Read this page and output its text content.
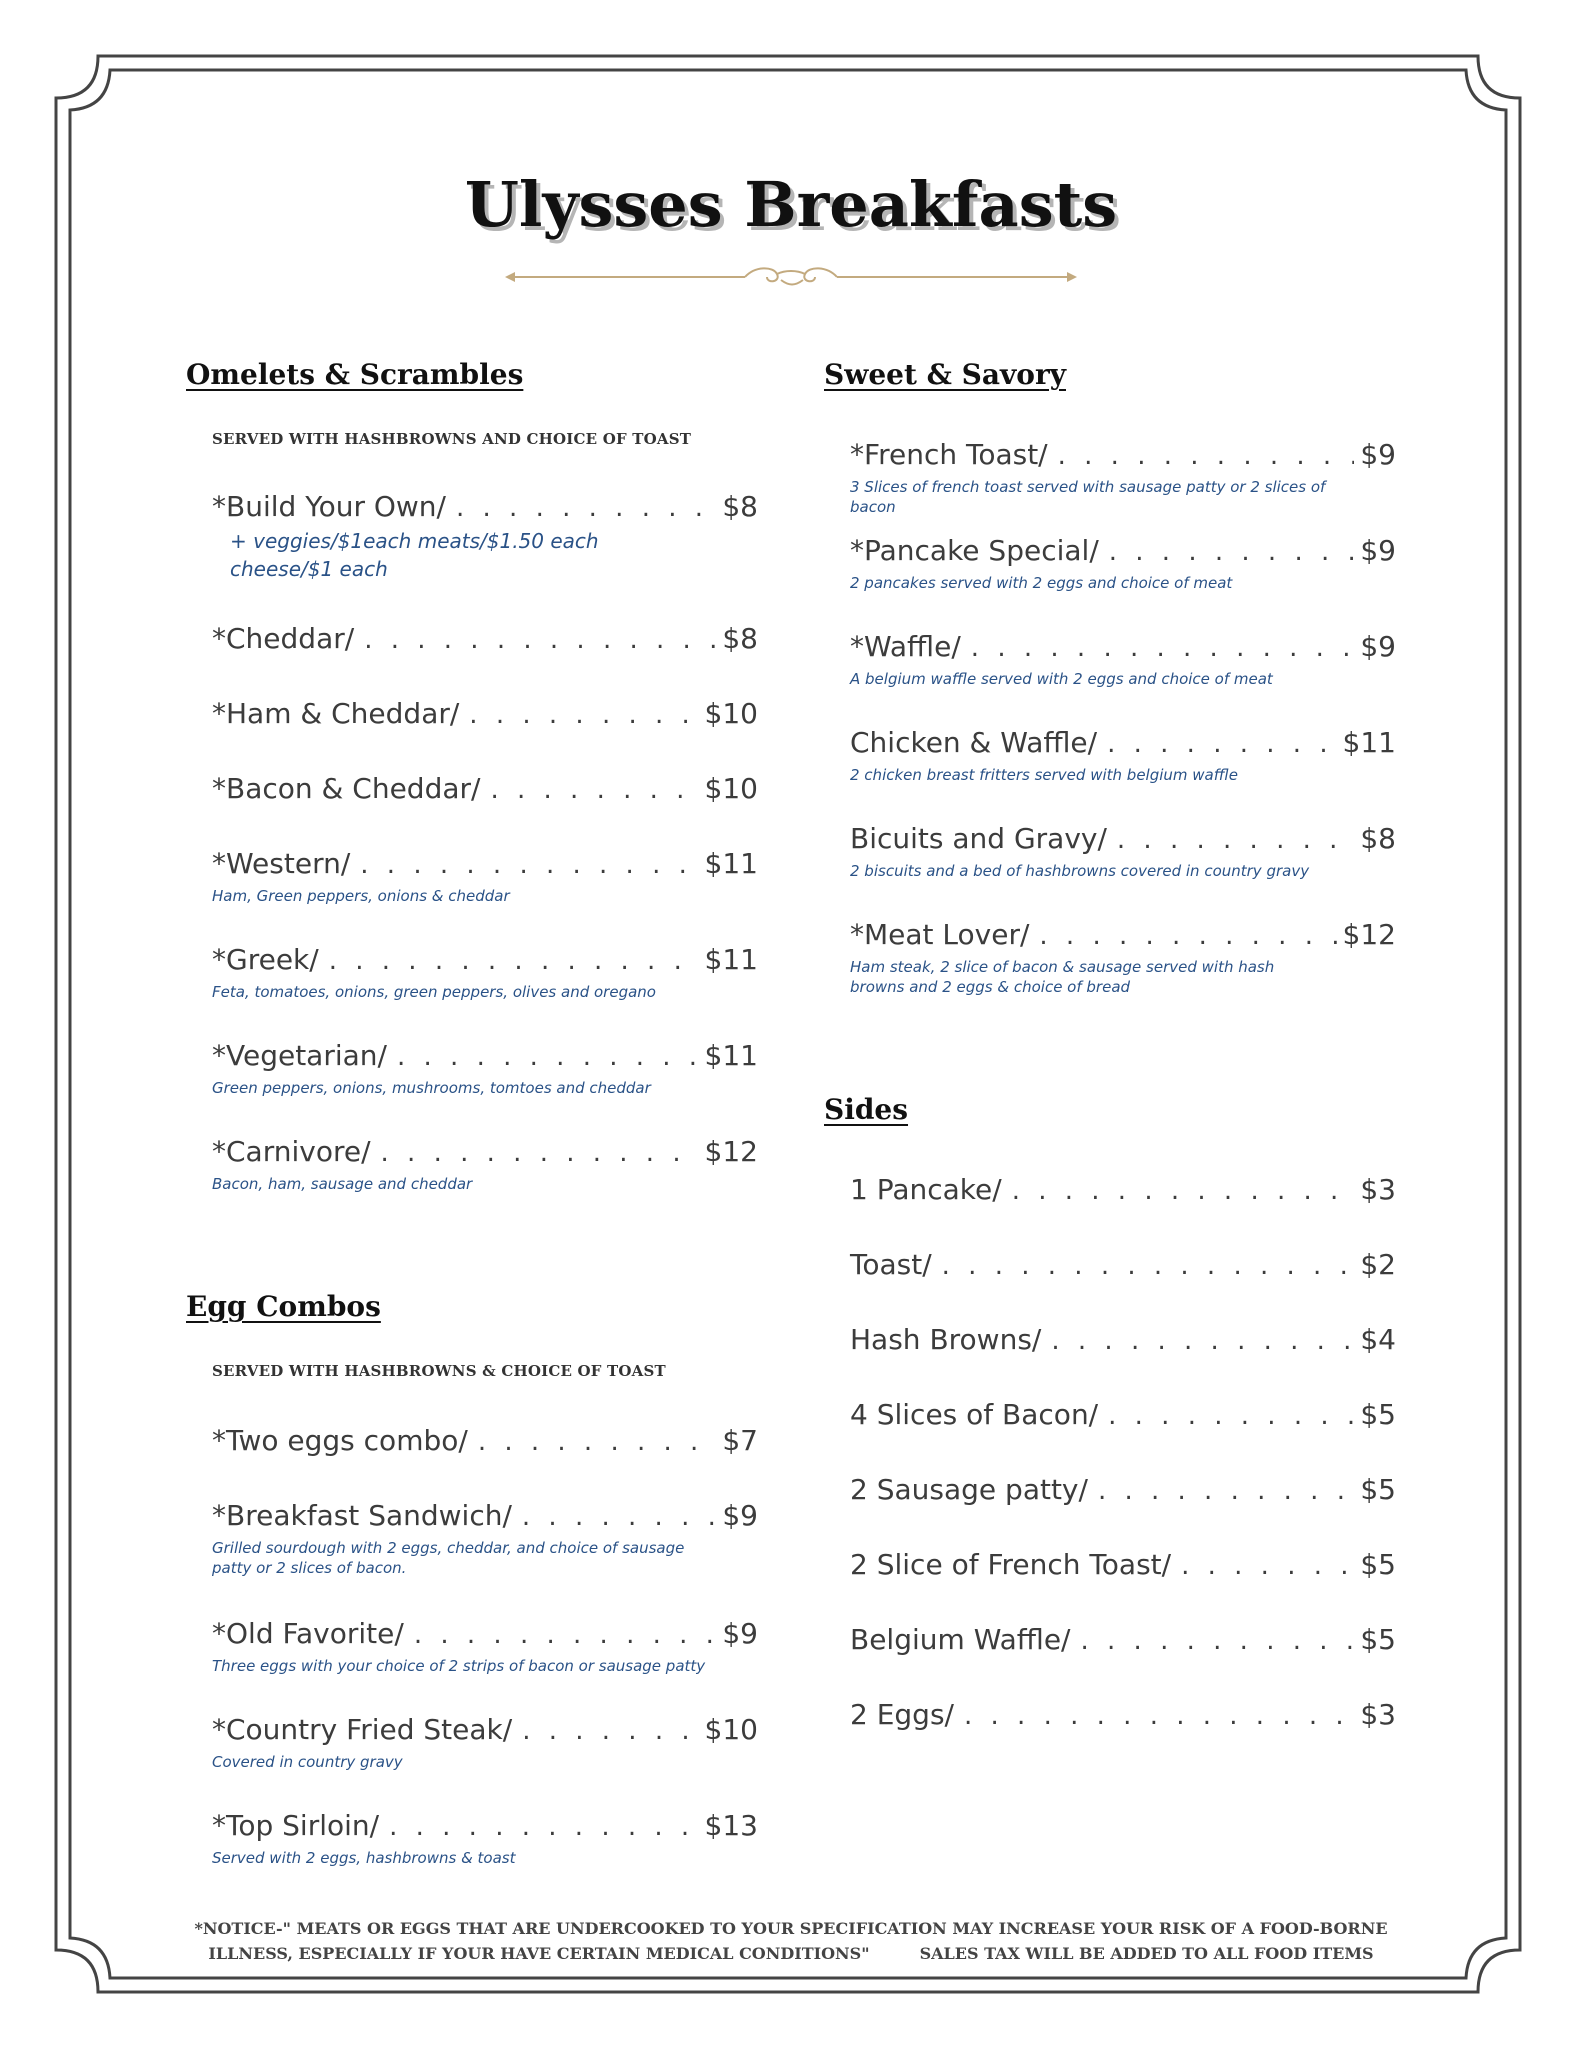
Ulysses Breakfasts
Omelets & Scrambles
SERVED WITH HASHBROWNS AND CHOICE OF TOAST
*Build Your Own/ . . .	$8
+ veggies/$1each meats/$1.50 each cheese/$1 each
*Cheddar/ . . .	$8
*Ham & Cheddar/ . . .	$10
*Bacon & Cheddar/ . . .	$10
*Western/ . . .	$11
Ham, Green peppers, onions & cheddar
*Greek/ . . .	$11
Feta, tomatoes, onions, green peppers, olives and oregano
*Vegetarian/ . . .	$11
Green peppers, onions, mushrooms, tomtoes and cheddar
*Carnivore/ . . .	$12
Bacon, ham, sausage and cheddar
Egg Combos
SERVED WITH HASHBROWNS & CHOICE OF TOAST
*Two eggs combo/ . . .	$7
*Breakfast Sandwich/ . . .	$9
Grilled sourdough with 2 eggs, cheddar, and choice of sausage patty or 2 slices of bacon.
*Old Favorite/ . . .	$9
Three eggs with your choice of 2 strips of bacon or sausage patty
*Country Fried Steak/ . . .	$10
Covered in country gravy
*Top Sirloin/ . . .	$13
Served with 2 eggs, hashbrowns & toast
Sweet & Savory
*French Toast/ . . .	$9
3 Slices of french toast served with sausage patty or 2 slices of bacon
*Pancake Special/ . . .	$9
2 pancakes served with 2 eggs and choice of meat
*Waffle/ . . .	$9
A belgium waffle served with 2 eggs and choice of meat
Chicken & Waffle/ . . .	$11
2 chicken breast fritters served with belgium waffle
Bicuits and Gravy/ . . .	$8
2 biscuits and a bed of hashbrowns covered in country gravy
*Meat Lover/ . . .	$12
Ham steak, 2 slice of bacon & sausage served with hash browns and 2 eggs & choice of bread
Sides
1 Pancake/ . . .	$3
Toast/ . . .	$2
Hash Browns/ . . .	$4
4 Slices of Bacon/ . . .	$5
2 Sausage patty/ . . .	$5
2 Slice of French Toast/ . . .	$5
Belgium Waffle/ . . .	$5
2 Eggs/ . . .	$3
*NOTICE-" MEATS OR EGGS THAT ARE UNDERCOOKED TO YOUR SPECIFICATION MAY INCREASE YOUR RISK OF A FOOD-BORNE
ILLNESS, ESPECIALLY IF YOUR HAVE CERTAIN MEDICAL CONDITIONS"	SALES TAX WILL BE ADDED TO ALL FOOD ITEMS
